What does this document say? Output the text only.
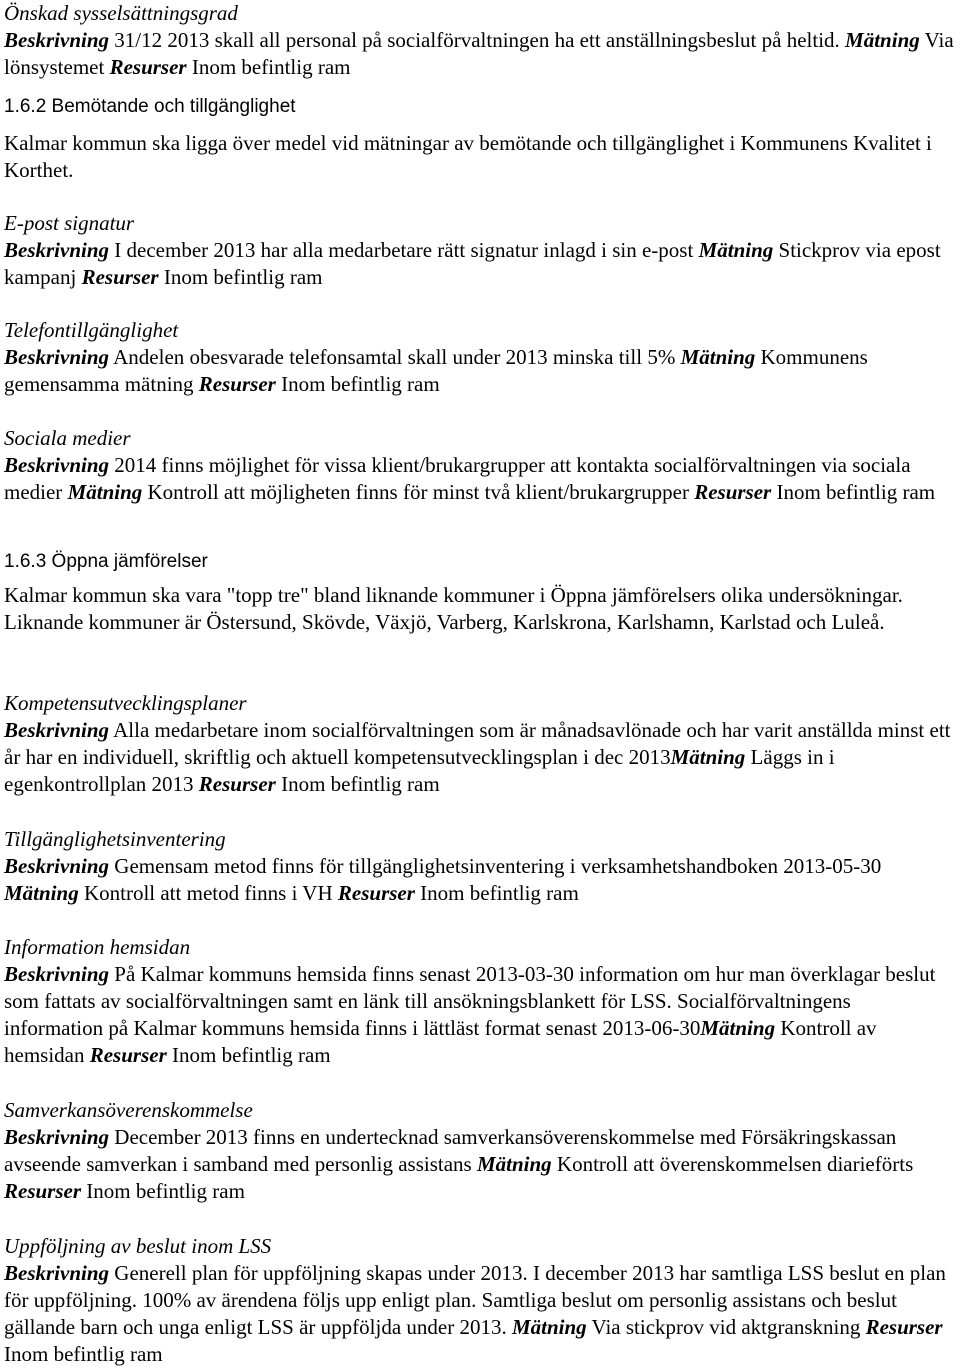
Önskad sysselsättningsgrad
Beskrivning 31/12 2013 skall all personal på socialförvaltningen ha ett anställningsbeslut på heltid. Mätning Via lönsystemet Resurser Inom befintlig ram
1.6.2 Bemötande och tillgänglighet
Kalmar kommun ska ligga över medel vid mätningar av bemötande och tillgänglighet i Kommunens Kvalitet i Korthet.
E-post signatur
Beskrivning I december 2013 har alla medarbetare rätt signatur inlagd i sin e-post Mätning Stickprov via epost kampanj Resurser Inom befintlig ram
Telefontillgänglighet
Beskrivning Andelen obesvarade telefonsamtal skall under 2013 minska till 5% Mätning Kommunens gemensamma mätning Resurser Inom befintlig ram
Sociala medier
Beskrivning 2014 finns möjlighet för vissa klient/brukargrupper att kontakta socialförvaltningen via sociala medier Mätning Kontroll att möjligheten finns för minst två klient/brukargrupper Resurser Inom befintlig ram
1.6.3 Öppna jämförelser
Kalmar kommun ska vara "topp tre" bland liknande kommuner i Öppna jämförelsers olika undersökningar. Liknande kommuner är Östersund, Skövde, Växjö, Varberg, Karlskrona, Karlshamn, Karlstad och Luleå.
Kompetensutvecklingsplaner
Beskrivning Alla medarbetare inom socialförvaltningen som är månadsavlönade och har varit anställda minst ett år har en individuell, skriftlig och aktuell kompetensutvecklingsplan i dec 2013Mätning Läggs in i egenkontrollplan 2013 Resurser Inom befintlig ram
Tillgänglighetsinventering
Beskrivning Gemensam metod finns för tillgänglighetsinventering i verksamhetshandboken 2013-05-30 Mätning Kontroll att metod finns i VH Resurser Inom befintlig ram
Information hemsidan
Beskrivning På Kalmar kommuns hemsida finns senast 2013-03-30 information om hur man överklagar beslut som fattats av socialförvaltningen samt en länk till ansökningsblankett för LSS. Socialförvaltningens information på Kalmar kommuns hemsida finns i lättläst format senast 2013-06-30Mätning Kontroll av hemsidan Resurser Inom befintlig ram
Samverkansöverenskommelse
Beskrivning December 2013 finns en undertecknad samverkansöverenskommelse med Försäkringskassan avseende samverkan i samband med personlig assistans Mätning Kontroll att överenskommelsen diarieförts Resurser Inom befintlig ram
Uppföljning av beslut inom LSS
Beskrivning Generell plan för uppföljning skapas under 2013. I december 2013 har samtliga LSS beslut en plan för uppföljning. 100% av ärendena följs upp enligt plan. Samtliga beslut om personlig assistans och beslut gällande barn och unga enligt LSS är uppföljda under 2013. Mätning Via stickprov vid aktgranskning Resurser Inom befintlig ram
